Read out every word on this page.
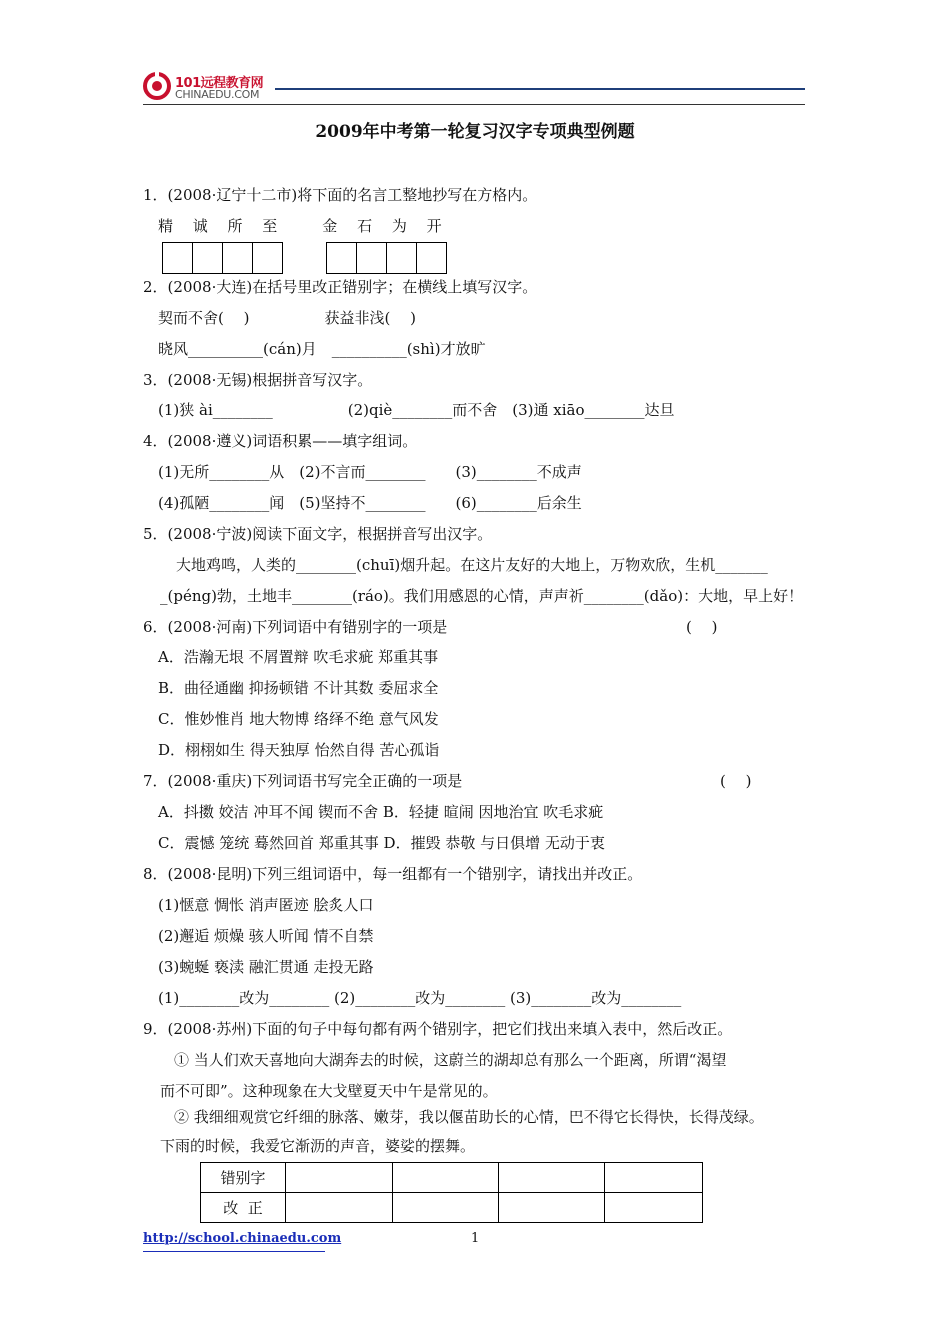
101远程教育网
CHINAEDU.COM
2009年中考第一轮复习汉字专项典型例题
1．(2008·辽宁十二市)将下面的名言工整地抄写在方格内。
精　 诚 　所　 至　　　金　 石　 为　 开
2．(2008·大连)在括号里改正错别字；在横线上填写汉字。
契而不舍(　 )　　　　　获益非浅(　 )
晓风__________(cán)月　__________(shì)才放旷
3．(2008·无锡)根据拼音写汉字。
(1)狭 ài________　　　　　(2)qiè________而不舍　(3)通 xiāo________达旦
4．(2008·遵义)词语积累——填字组词。
(1)无所________从　(2)不言而________　　(3)________不成声
(4)孤陋________闻　(5)坚持不________　　(6)________后余生
5．(2008·宁波)阅读下面文字，根据拼音写出汉字。
大地鸡鸣，人类的________(chuī)烟升起。在这片友好的大地上，万物欢欣，生机_______
_(péng)勃，土地丰________(ráo)。我们用感恩的心情，声声祈________(dǎo)：大地，早上好！
6．(2008·河南)下列词语中有错别字的一项是	(　 )
A．浩瀚无垠 不屑置辩 吹毛求疵 郑重其事
B．曲径通幽 抑扬顿错 不计其数 委屈求全
C．惟妙惟肖 地大物博 络绎不绝 意气风发
D．栩栩如生 得天独厚 怡然自得 苦心孤诣
7．(2008·重庆)下列词语书写完全正确的一项是	(　 )
A．抖擞 姣洁 冲耳不闻 锲而不舍 B．轻捷 暄闹 因地治宜 吹毛求疵
C．震憾 笼统 蓦然回首 郑重其事 D．摧毁 恭敬 与日俱增 无动于衷
8．(2008·昆明)下列三组词语中，每一组都有一个错别字，请找出并改正。
(1)惬意 惆怅 消声匿迹 脍炙人口
(2)邂逅 烦燥 骇人听闻 情不自禁
(3)蜿蜒 亵渎 融汇贯通 走投无路
(1)________改为________ (2)________改为________ (3)________改为________
9．(2008·苏州)下面的句子中每句都有两个错别字，把它们找出来填入表中，然后改正。
① 当人们欢天喜地向大湖奔去的时候，这蔚兰的湖却总有那么一个距离，所谓“渴望
而不可即”。这种现象在大戈壁夏天中午是常见的。
② 我细细观赏它纤细的脉落、嫩芽，我以偃苗助长的心情，巴不得它长得快，长得茂绿。
下雨的时候，我爱它渐沥的声音，婆娑的摆舞。
错别字				
改  正				
http://school.chinaedu.com	1
